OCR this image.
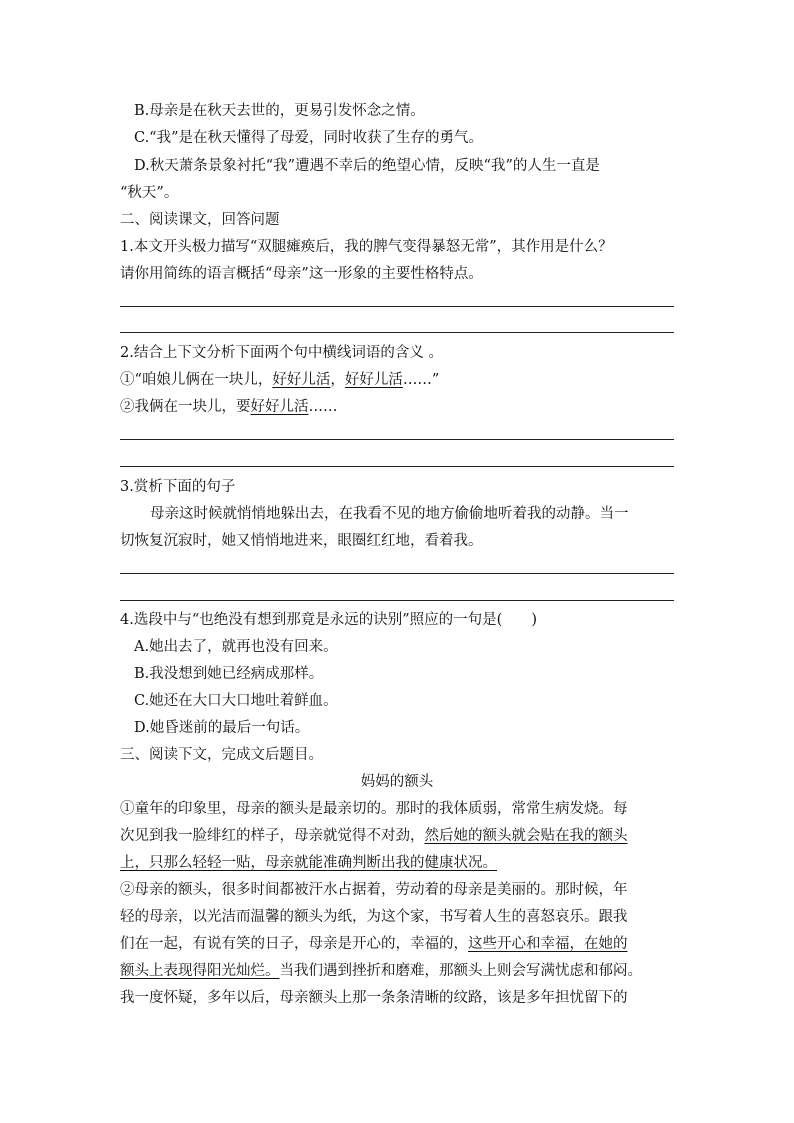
B.母亲是在秋天去世的，更易引发怀念之情。
C.“我”是在秋天懂得了母爱，同时收获了生存的勇气。
D.秋天萧条景象衬托“我”遭遇不幸后的绝望心情，反映“我”的人生一直是
“秋天”。
二、阅读课文，回答问题
1.本文开头极力描写“双腿瘫痪后，我的脾气变得暴怒无常”，其作用是什么？
请你用简练的语言概括“母亲”这一形象的主要性格特点。
2.结合上下文分析下面两个句中横线词语的含义 。
①“咱娘儿俩在一块儿，好好儿活，好好儿活……”
②我俩在一块儿，要好好儿活……
3.赏析下面的句子
母亲这时候就悄悄地躲出去，在我看不见的地方偷偷地听着我的动静。当一
切恢复沉寂时，她又悄悄地进来，眼圈红红地，看着我。
4.选段中与“也绝没有想到那竟是永远的诀别”照应的一句是(　　)
A.她出去了，就再也没有回来。
B.我没想到她已经病成那样。
C.她还在大口大口地吐着鲜血。
D.她昏迷前的最后一句话。
三、阅读下文，完成文后题目。
妈妈的额头
①童年的印象里，母亲的额头是最亲切的。那时的我体质弱，常常生病发烧。每
次见到我一脸绯红的样子，母亲就觉得不对劲，然后她的额头就会贴在我的额头
上，只那么轻轻一贴，母亲就能准确判断出我的健康状况。
②母亲的额头，很多时间都被汗水占据着，劳动着的母亲是美丽的。那时候，年
轻的母亲，以光洁而温馨的额头为纸，为这个家，书写着人生的喜怒哀乐。跟我
们在一起，有说有笑的日子，母亲是开心的，幸福的，这些开心和幸福，在她的
额头上表现得阳光灿烂。当我们遇到挫折和磨难，那额头上则会写满忧虑和郁闷。
我一度怀疑，多年以后，母亲额头上那一条条清晰的纹路，该是多年担忧留下的
